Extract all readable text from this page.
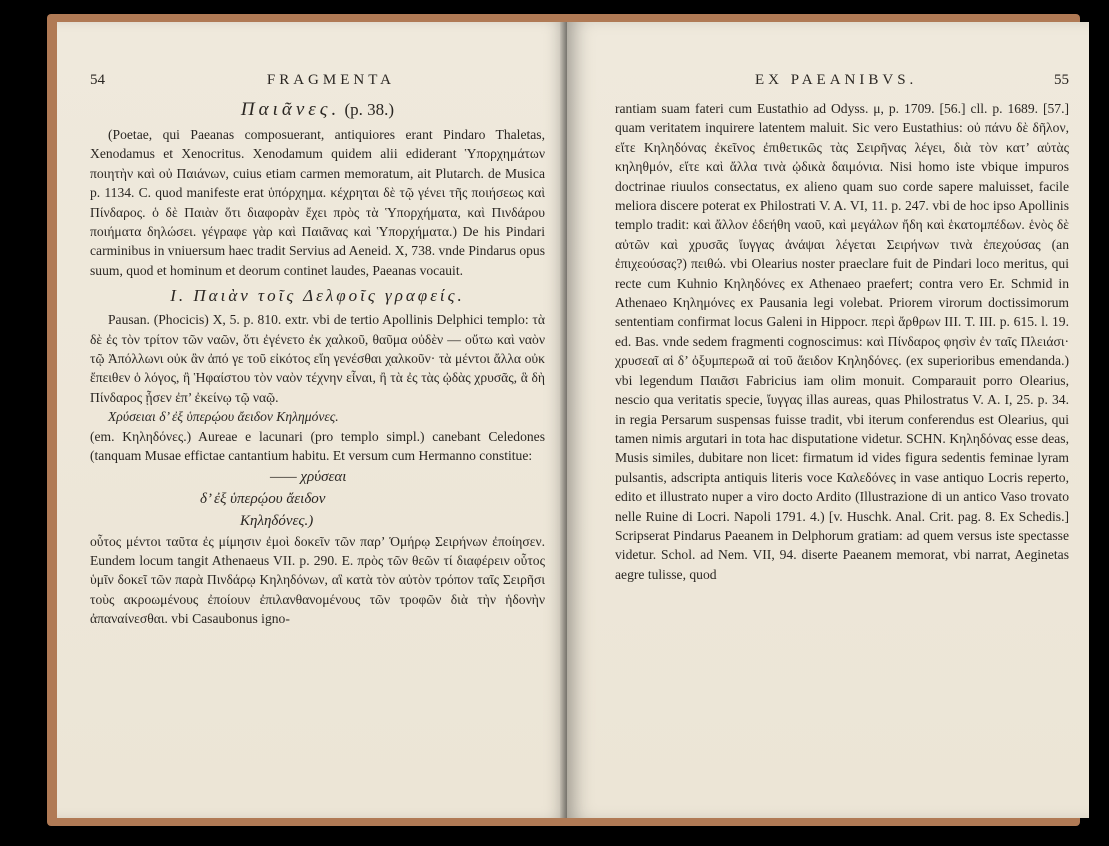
54	FRAGMENTA
Παιᾶνες. (p. 38.)

(Poetae, qui Paeanas composuerant, antiquiores erant Pindaro Thaletas, Xenodamus et Xenocritus. Xenodamum quidem alii ediderant Ὑπορχημάτων ποιητὴν καὶ οὐ Παιάνων, cuius etiam carmen memoratum, ait Plutarch. de Musica p. 1134. C. quod manifeste erat ὑπόρχημα. κέχρηται δὲ τῷ γένει τῆς ποιήσεως καὶ Πίνδαρος. ὁ δὲ Παιὰν ὅτι διαφορὰν ἔχει πρὸς τὰ Ὑπορχήματα, καὶ Πινδάρου ποιήματα δηλώσει. γέγραφε γὰρ καὶ Παιᾶνας καὶ Ὑπορχήματα.) De his Pindari carminibus in vniuersum haec tradit Servius ad Aeneid. X, 738. vnde Pindarus opus suum, quod et hominum et deorum continet laudes, Paeanas vocauit.

I. Παιὰν τοῖς Δελφοῖς γραφείς.

Pausan. (Phocicis) X, 5. p. 810. extr. vbi de tertio Apollinis Delphici templo: τὰ δὲ ἐς τὸν τρίτον τῶν ναῶν, ὅτι ἐγένετο ἐκ χαλκοῦ, θαῦμα οὐδὲν — οὔτω καὶ ναὸν τῷ Ἀπόλλωνι οὐκ ἂν ἀπό γε τοῦ εἰκότος εἴη γενέσθαι χαλκοῦν· τὰ μέντοι ἄλλα οὐκ ἔπειθεν ὁ λόγος, ἢ Ἡφαίστου τὸν ναὸν τέχνην εἶναι, ἢ τὰ ἐς τὰς ᾠδὰς χρυσᾶς, ἃ δὴ Πίνδαρος ᾖσεν ἐπ’ ἐκείνῳ τῷ ναῷ.

Χρύσειαι δ’ ἐξ ὑπερῴου ἄειδον Κηλημόνες.

(em. Κηληδόνες.) Aureae e lacunari (pro templo simpl.) canebant Celedones (tanquam Musae effictae cantantium habitu. Et versum cum Hermanno constitue:

—— χρύσεαι
δ’ ἐξ ὑπερῴου ἄειδον
Κηληδόνες.)

οὗτος μέντοι ταῦτα ἐς μίμησιν ἐμοὶ δοκεῖν τῶν παρ’ Ὁμήρῳ Σειρήνων ἐποίησεν. Eundem locum tangit Athenaeus VII. p. 290. E. πρὸς τῶν θεῶν τί διαφέρειν οὗτος ὑμῖν δοκεῖ τῶν παρὰ Πινδάρῳ Κηληδόνων, αἳ κατὰ τὸν αὐτὸν τρόπον ταῖς Σειρῆσι τοὺς ακροωμένους ἐποίουν ἐπιλανθανομένους τῶν τροφῶν διὰ τὴν ἡδονὴν ἀπαναίνεσθαι. vbi Casaubonus igno-

EX PAEANIBVS.	55

rantiam suam fateri cum Eustathio ad Odyss. μ, p. 1709. [56.] cll. p. 1689. [57.] quam veritatem inquirere latentem maluit. Sic vero Eustathius: οὐ πάνυ δὲ δῆλον, εἴτε Κηληδόνας ἐκεῖνος ἐπιθετικῶς τὰς Σειρῆνας λέγει, διὰ τὸν κατ’ αὐτὰς κηληθμόν, εἴτε καὶ ἄλλα τινὰ ᾠδικὰ δαιμόνια. Nisi homo iste vbique impuros doctrinae riuulos consectatus, ex alieno quam suo corde sapere maluisset, facile meliora discere poterat ex Philostrati V. A. VI, 11. p. 247. vbi de hoc ipso Apollinis templo tradit: καὶ ἄλλον ἐδεήθη ναοῦ, καὶ μεγάλων ἤδη καὶ ἑκατομπέδων. ἑνὸς δὲ αὐτῶν καὶ χρυσᾶς ἴυγγας ἀνάψαι λέγεται Σειρήνων τινὰ ἐπεχούσας (an ἐπιχεούσας?) πειθώ. vbi Olearius noster praeclare fuit de Pindari loco meritus, qui recte cum Kuhnio Κηληδόνες ex Athenaeo praefert; contra vero Er. Schmid in Athenaeo Κηλημόνες ex Pausania legi volebat. Priorem virorum doctissimorum sententiam confirmat locus Galeni in Hippocr. περὶ ἄρθρων III. T. III. p. 615. l. 19. ed. Bas. vnde sedem fragmenti cognoscimus: καὶ Πίνδαρος φησὶν ἐν ταῖς Πλειάσι· χρυσεαῖ αἱ δ’ ὀξυμπερωᾶ αἱ τοῦ ἄειδον Κηληδόνες. (ex superioribus emendanda.) vbi legendum Παιᾶσι Fabricius iam olim monuit. Comparauit porro Olearius, nescio qua veritatis specie, ἴυγγας illas aureas, quas Philostratus V. A. I, 25. p. 34. in regia Persarum suspensas fuisse tradit, vbi iterum conferendus est Olearius, qui tamen nimis argutari in tota hac disputatione videtur. SCHN. Κηληδόνας esse deas, Musis similes, dubitare non licet: firmatum id vides figura sedentis feminae lyram pulsantis, adscripta antiquis literis voce Καλεδόνες in vase antiquo Locris reperto, edito et illustrato nuper a viro docto Ardito (Illustrazione di un antico Vaso trovato nelle Ruine di Locri. Napoli 1791. 4.) [v. Huschk. Anal. Crit. pag. 8. Ex Schedis.] Scripserat Pindarus Paeanem in Delphorum gratiam: ad quem versus iste spectasse videtur. Schol. ad Nem. VII, 94. diserte Paeanem memorat, vbi narrat, Aeginetas aegre tulisse, quod
